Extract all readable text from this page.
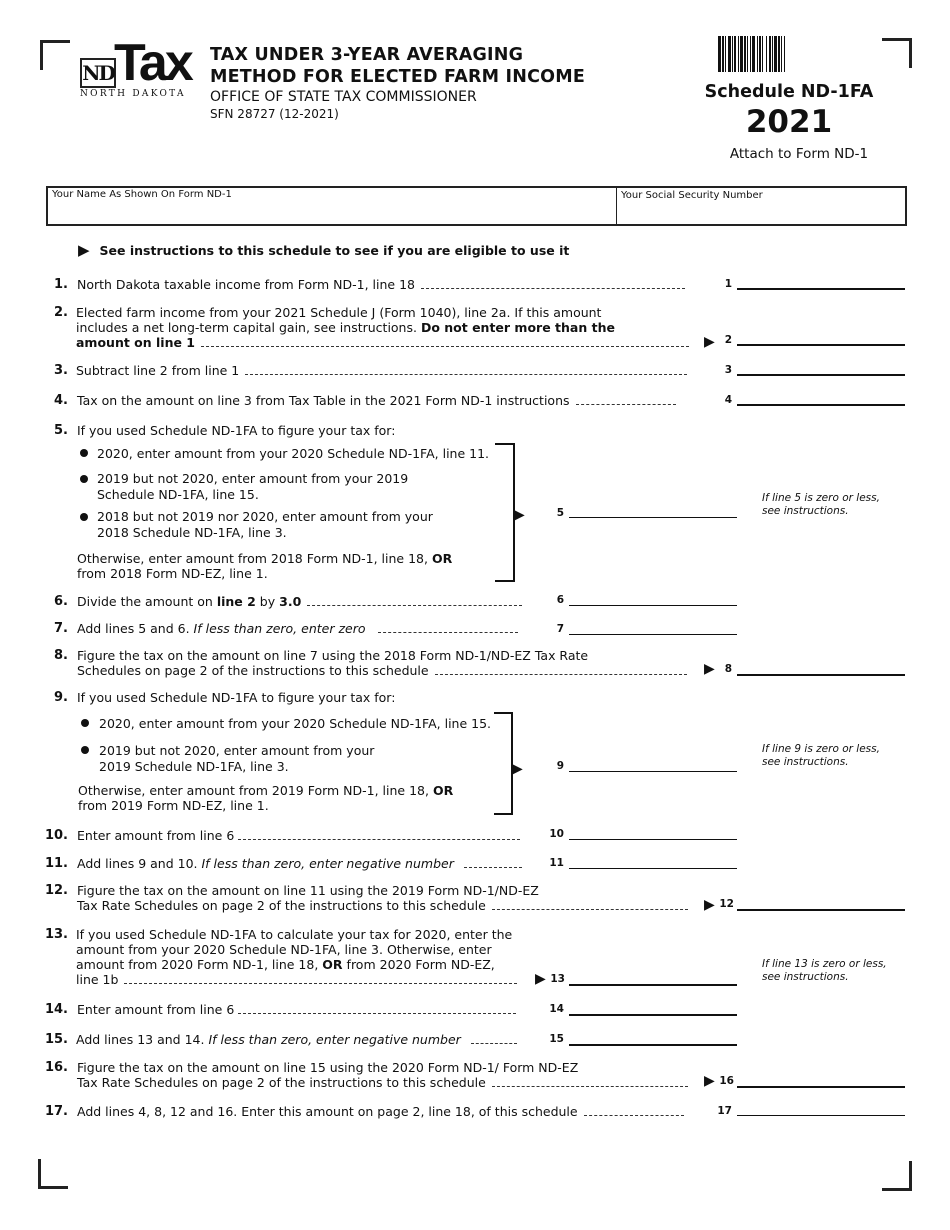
ND Tax
NORTH DAKOTA
TAX UNDER 3-YEAR AVERAGING
METHOD FOR ELECTED FARM INCOME
OFFICE OF STATE TAX COMMISSIONER
SFN 28727 (12-2021)
Schedule ND-1FA
2021
Attach to Form ND-1
Your Name As Shown On Form ND-1	Your Social Security Number
▶ See instructions to this schedule to see if you are eligible to use it
1. North Dakota taxable income from Form ND-1, line 18	1
2. Elected farm income from your 2021 Schedule J (Form 1040), line 2a. If this amount
includes a net long-term capital gain, see instructions. Do not enter more than the
amount on line 1	▶ 2
3. Subtract line 2 from line 1	3
4. Tax on the amount on line 3 from Tax Table in the 2021 Form ND-1 instructions	4
5. If you used Schedule ND-1FA to figure your tax for:
2020, enter amount from your 2020 Schedule ND-1FA, line 11.
2019 but not 2020, enter amount from your 2019
Schedule ND-1FA, line 15.
2018 but not 2019 nor 2020, enter amount from your
2018 Schedule ND-1FA, line 3.
Otherwise, enter amount from 2018 Form ND-1, line 18, OR
from 2018 Form ND-EZ, line 1.
▶	5
If line 5 is zero or less,
see instructions.
6. Divide the amount on line 2 by 3.0	6
7. Add lines 5 and 6. If less than zero, enter zero	7
8. Figure the tax on the amount on line 7 using the 2018 Form ND-1/ND-EZ Tax Rate
Schedules on page 2 of the instructions to this schedule	▶ 8
9. If you used Schedule ND-1FA to figure your tax for:
2020, enter amount from your 2020 Schedule ND-1FA, line 15.
2019 but not 2020, enter amount from your
2019 Schedule ND-1FA, line 3.
Otherwise, enter amount from 2019 Form ND-1, line 18, OR
from 2019 Form ND-EZ, line 1.
▶	9
If line 9 is zero or less,
see instructions.
10. Enter amount from line 6	10
11. Add lines 9 and 10. If less than zero, enter negative number	11
12. Figure the tax on the amount on line 11 using the 2019 Form ND-1/ND-EZ
Tax Rate Schedules on page 2 of the instructions to this schedule	▶ 12
13. If you used Schedule ND-1FA to calculate your tax for 2020, enter the
amount from your 2020 Schedule ND-1FA, line 3. Otherwise, enter
amount from 2020 Form ND-1, line 18, OR from 2020 Form ND-EZ,
line 1b	▶ 13
If line 13 is zero or less,
see instructions.
14. Enter amount from line 6	14
15. Add lines 13 and 14. If less than zero, enter negative number	15
16. Figure the tax on the amount on line 15 using the 2020 Form ND-1/ Form ND-EZ
Tax Rate Schedules on page 2 of the instructions to this schedule	▶ 16
17. Add lines 4, 8, 12 and 16. Enter this amount on page 2, line 18, of this schedule	17
